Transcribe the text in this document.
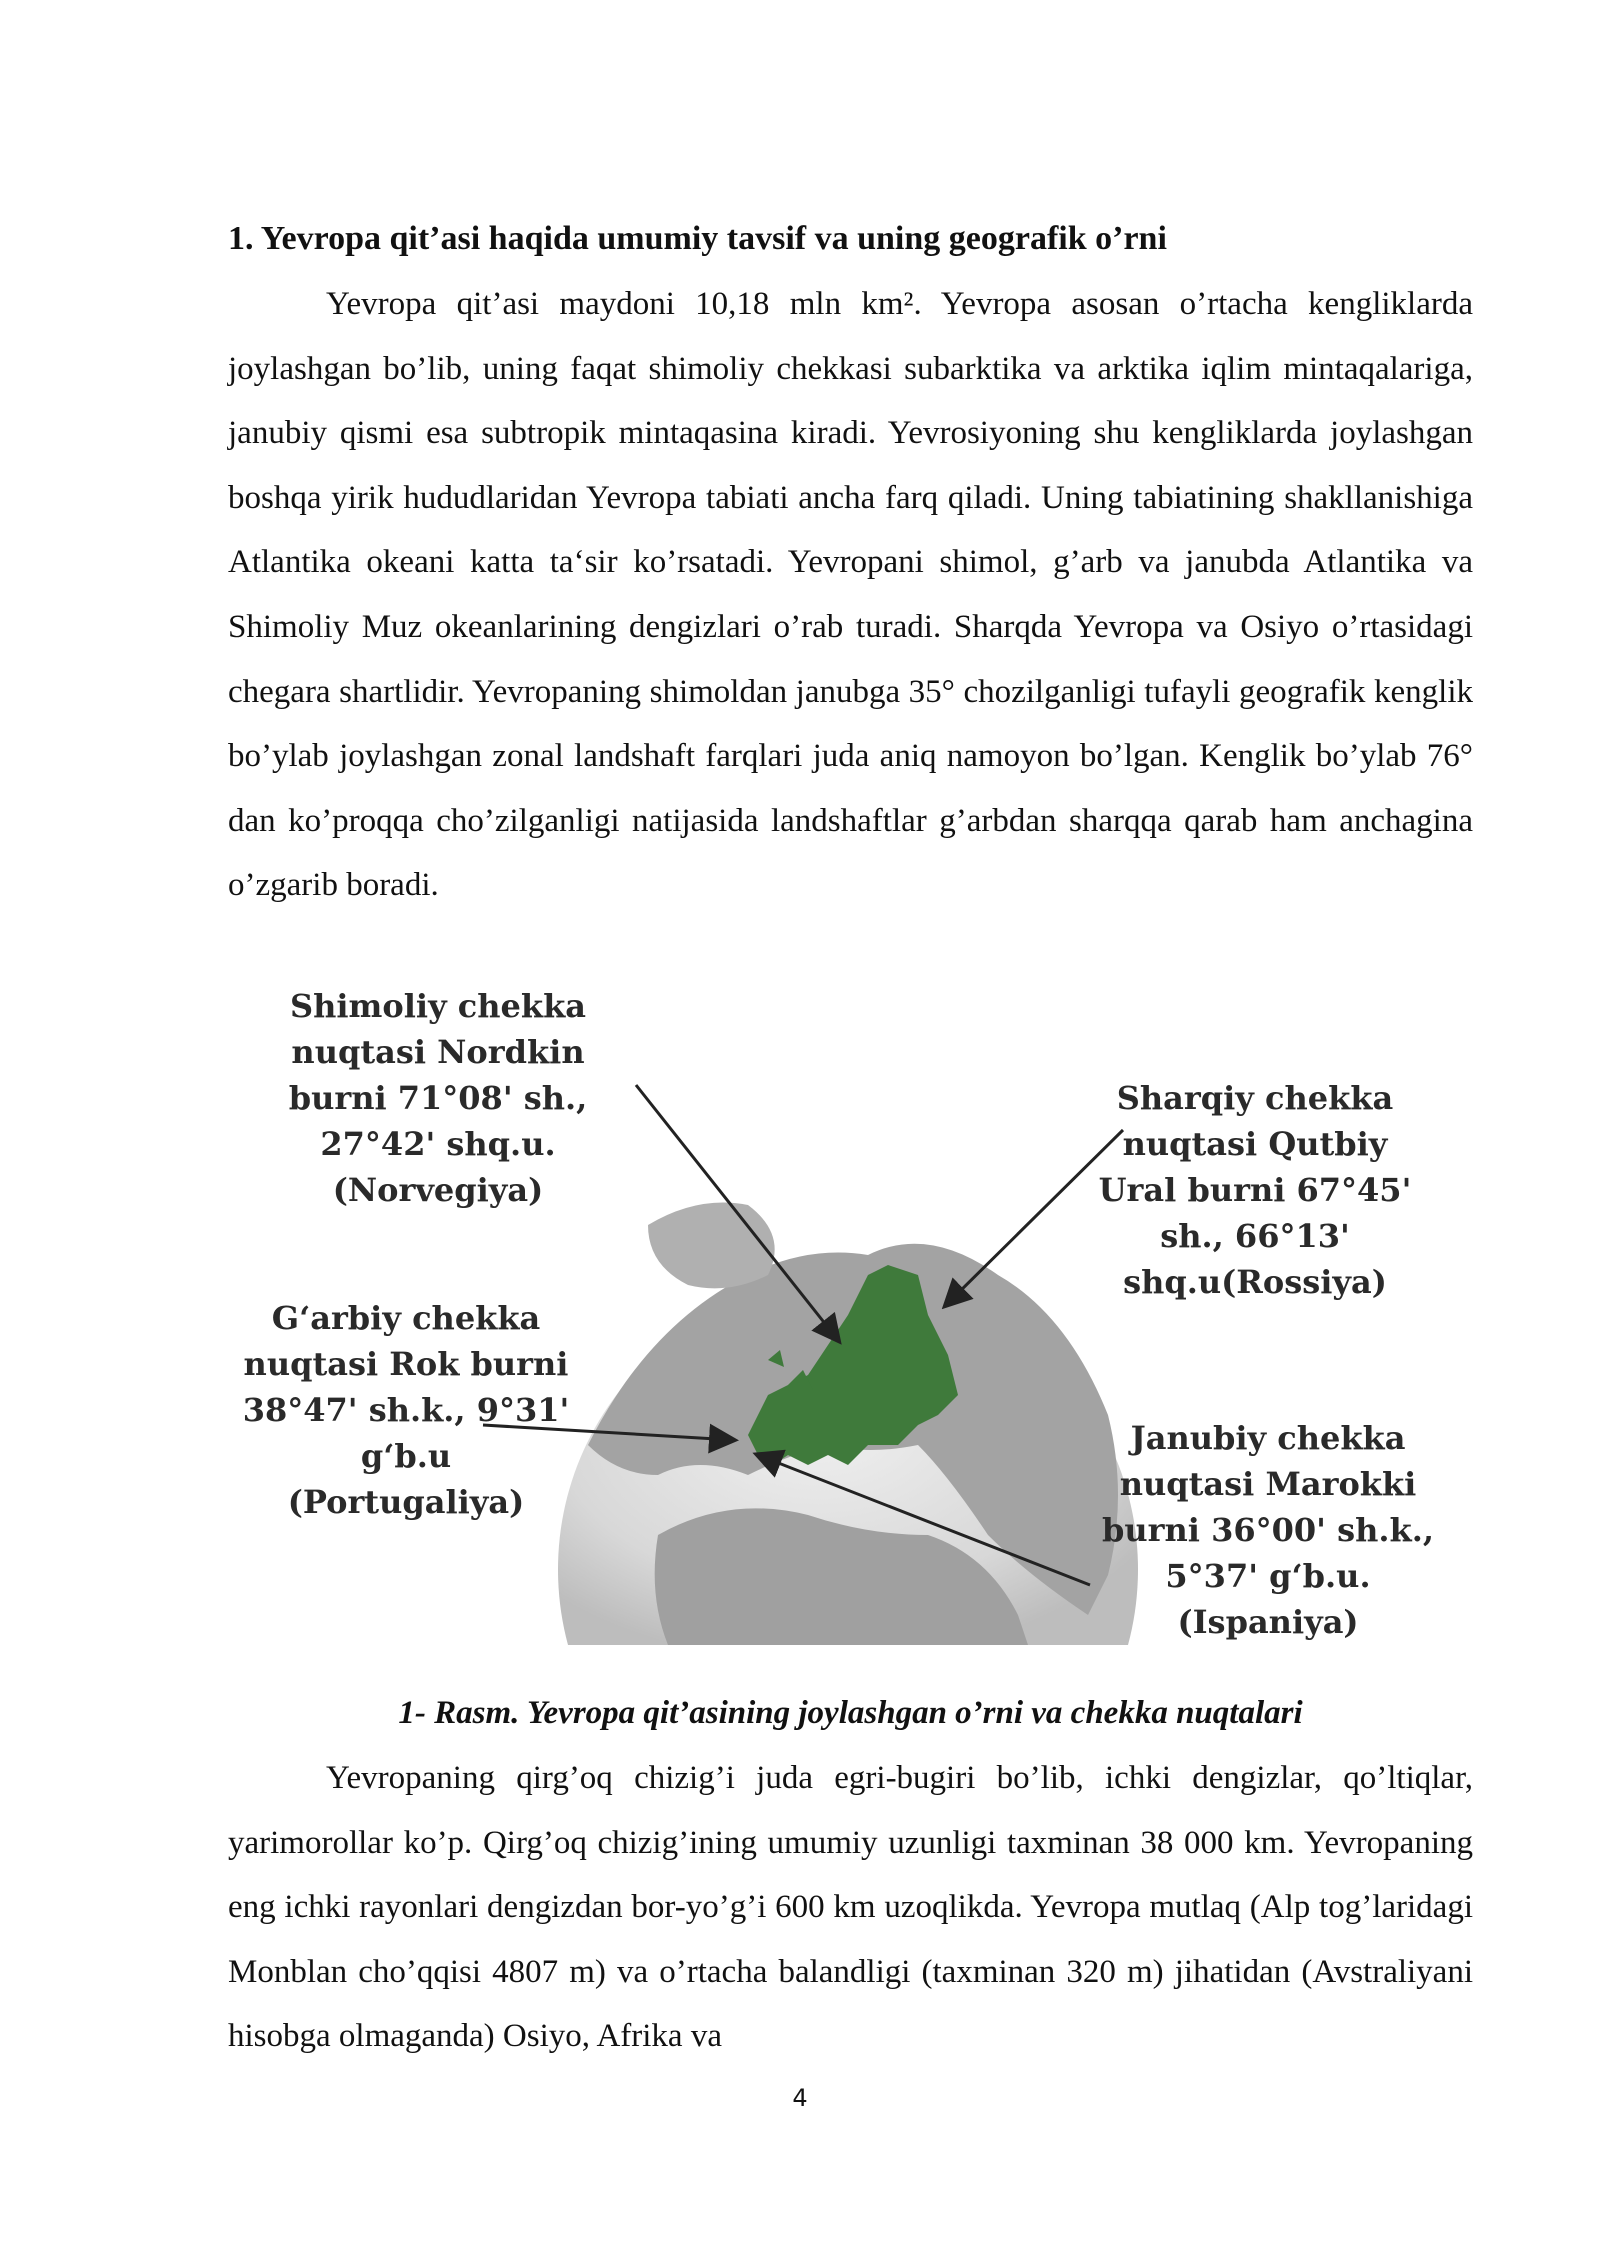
1. Yevropa qit’asi haqida umumiy tavsif va uning geografik o’rni

Yevropa qit’asi maydoni 10,18 mln km². Yevropa asosan o’rtacha kengliklarda joylashgan bo’lib, uning faqat shimoliy chekkasi subarktika va arktika iqlim mintaqalariga, janubiy qismi esa subtropik mintaqasina kiradi. Yevrosiyoning shu kengliklarda joylashgan boshqa yirik hududlaridan Yevropa tabiati ancha farq qiladi. Uning tabiatining shakllanishiga Atlantika okeani katta ta‘sir ko’rsatadi. Yevropani shimol, g’arb va janubda Atlantika va Shimoliy Muz okeanlarining dengizlari o’rab turadi. Sharqda Yevropa va Osiyo o’rtasidagi chegara shartlidir. Yevropaning shimoldan janubga 35° chozilganligi tufayli geografik kenglik bo’ylab joylashgan zonal landshaft farqlari juda aniq namoyon bo’lgan. Kenglik bo’ylab 76° dan ko’proqqa cho’zilganligi natijasida landshaftlar g’arbdan sharqqa qarab ham anchagina o’zgarib boradi.

Shimoliy chekka
nuqtasi Nordkin
burni 71°08' sh.,
27°42' shq.u.
(Norvegiya)
Sharqiy chekka
nuqtasi Qutbiy
Ural burni 67°45'
sh., 66°13'
shq.u(Rossiya)
G‘arbiy chekka
nuqtasi Rok burni
38°47' sh.k., 9°31'
g‘b.u
(Portugaliya)
Janubiy chekka
nuqtasi Marokki
burni 36°00' sh.k.,
5°37' g‘b.u.
(Ispaniya)
1- Rasm. Yevropa qit’asining joylashgan o’rni va chekka nuqtalari

Yevropaning qirg’oq chizig’i juda egri-bugiri bo’lib, ichki dengizlar, qo’ltiqlar, yarimorollar ko’p. Qirg’oq chizig’ining umumiy uzunligi taxminan 38 000 km. Yevropaning eng ichki rayonlari dengizdan bor-yo’g’i 600 km uzoqlikda. Yevropa mutlaq (Alp tog’laridagi Monblan cho’qqisi 4807 m) va o’rtacha balandligi (taxminan 320 m) jihatidan (Avstraliyani hisobga olmaganda) Osiyo, Afrika va

4
